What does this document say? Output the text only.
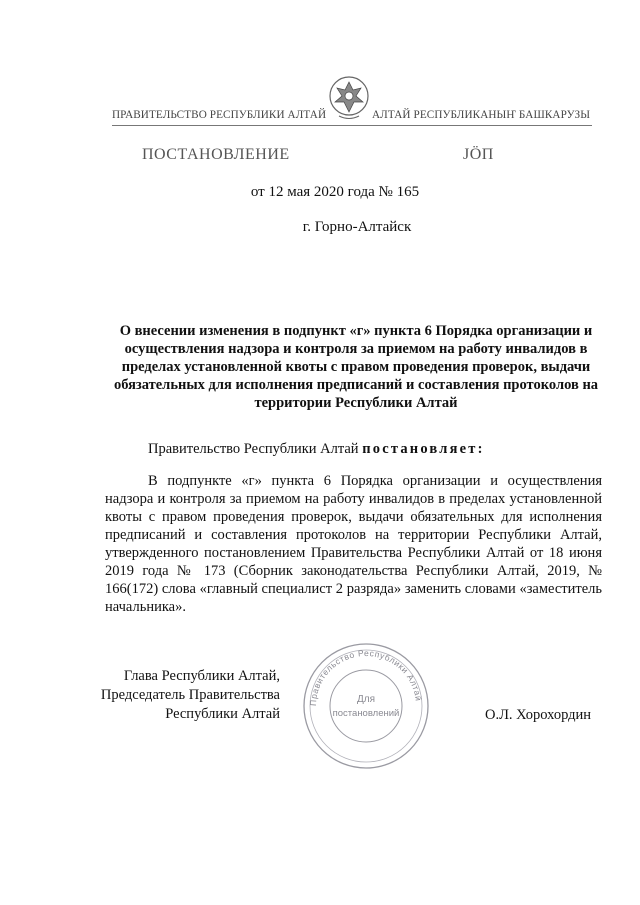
ПРАВИТЕЛЬСТВО РЕСПУБЛИКИ АЛТАЙ	АЛТАЙ РЕСПУБЛИКАНЫҤ БАШКАРУЗЫ
ПОСТАНОВЛЕНИЕ	ЈӦП
от 12 мая 2020 года № 165
г. Горно-Алтайск
О внесении изменения в подпункт «г» пункта 6 Порядка организации и осуществления надзора и контроля за приемом на работу инвалидов в пределах установленной квоты с правом проведения проверок, выдачи обязательных для исполнения предписаний и составления протоколов на территории Республики Алтай
Правительство Республики Алтай постановляет:
В подпункте «г» пункта 6 Порядка организации и осуществления надзора и контроля за приемом на работу инвалидов в пределах установленной квоты с правом проведения проверок, выдачи обязательных для исполнения предписаний и составления протоколов на территории Республики Алтай, утвержденного постановлением Правительства Республики Алтай от 18 июня 2019 года № 173 (Сборник законодательства Республики Алтай, 2019, № 166(172) слова «главный специалист 2 разряда» заменить словами «заместитель начальника».
Глава Республики Алтай,
Председатель Правительства
Республики Алтай
Правительство Республики Алтай
Для
постановлений	О.Л. Хорохордин
